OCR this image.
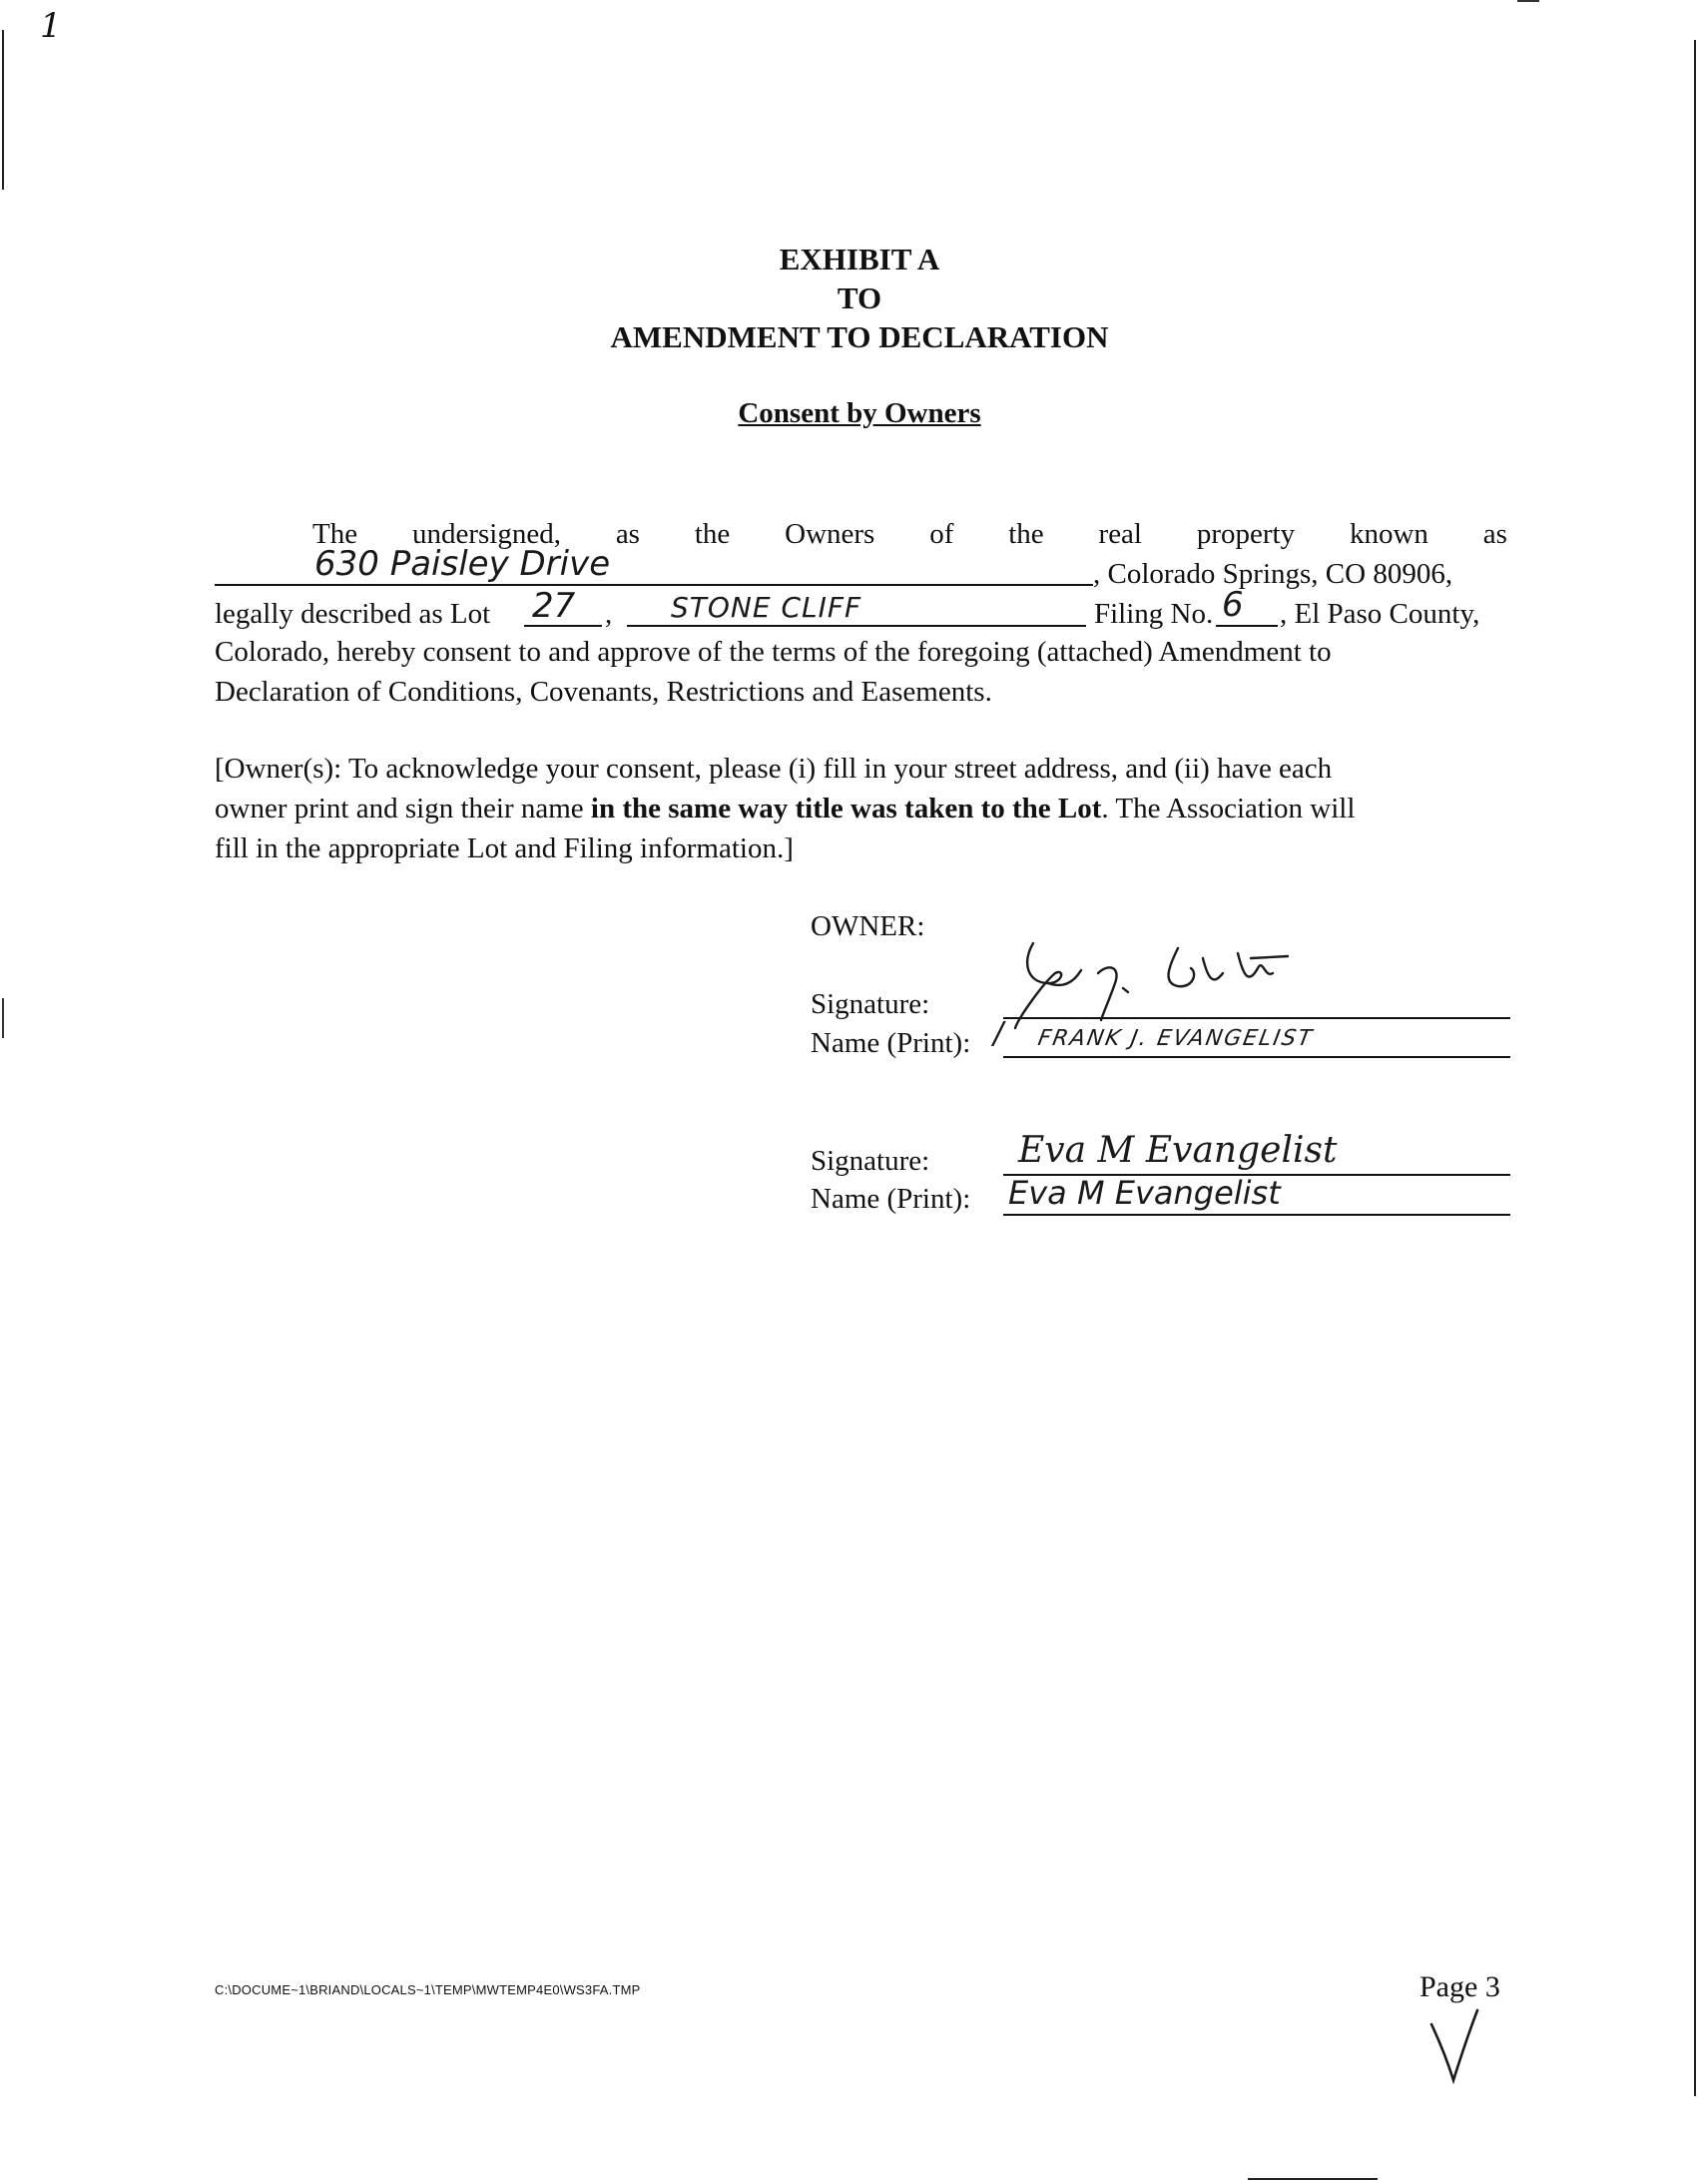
1
EXHIBIT A
TO
AMENDMENT TO DECLARATION
Consent by Owners
The undersigned, as the Owners of the real property known as
630 Paisley Drive	, Colorado Springs, CO 80906,
legally described as Lot	27 ,	STONE CLIFF	Filing No. 6 , El Paso County,
Colorado, hereby consent to and approve of the terms of the foregoing (attached) Amendment to
Declaration of Conditions, Covenants, Restrictions and Easements.
[Owner(s): To acknowledge your consent, please (i) fill in your street address, and (ii) have each
owner print and sign their name in the same way title was taken to the Lot. The Association will
fill in the appropriate Lot and Filing information.]
OWNER:
Signature:
Name (Print): / FRANK J. EVANGELIST
Signature: Eva M Evangelist
Name (Print): Eva M Evangelist
C:\DOCUME~1\BRIAND\LOCALS~1\TEMP\MWTEMP4E0\WS3FA.TMP	Page 3
